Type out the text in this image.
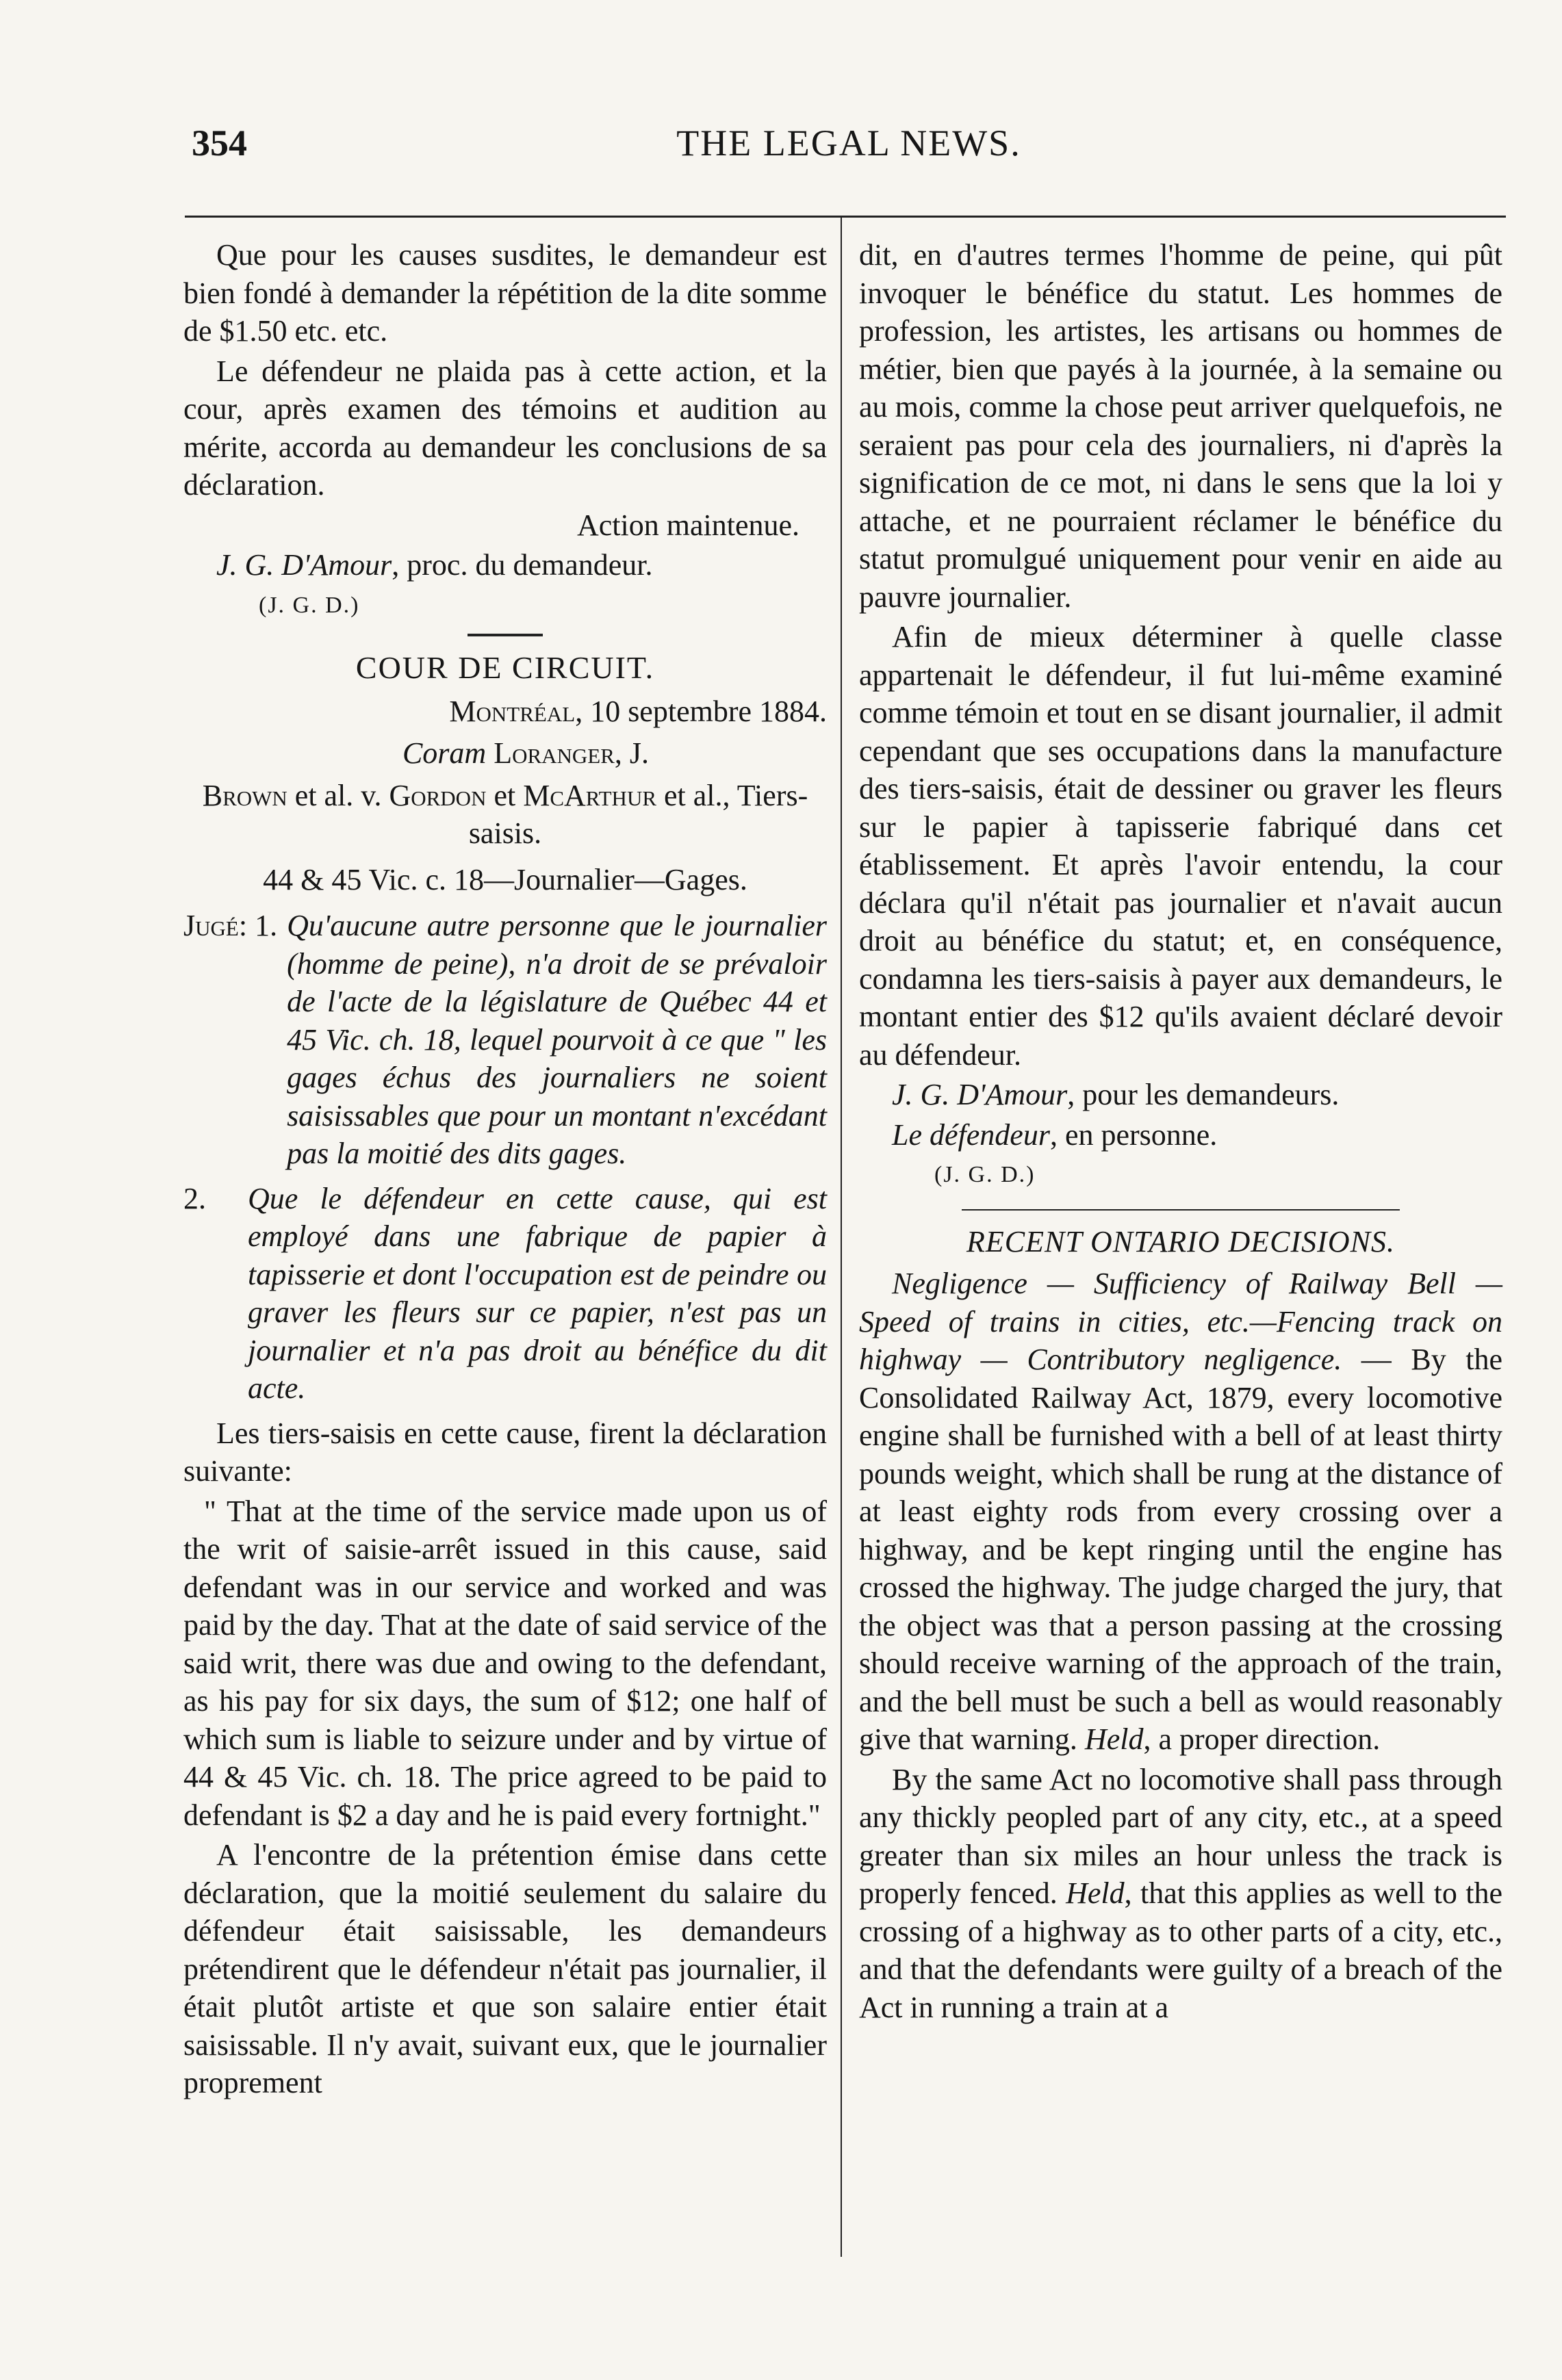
354	THE LEGAL NEWS.

Que pour les causes susdites, le demandeur est bien fondé à demander la répétition de la dite somme de $1.50 etc. etc.

Le défendeur ne plaida pas à cette action, et la cour, après examen des témoins et audition au mérite, accorda au demandeur les conclusions de sa déclaration.

Action maintenue.

J. G. D'Amour, proc. du demandeur.

(J. G. D.)

COUR DE CIRCUIT.

Montréal, 10 septembre 1884.

Coram Loranger, J.

Brown et al. v. Gordon et McArthur et al., Tiers-saisis.

44 & 45 Vic. c. 18—Journalier—Gages.

Jugé: 1. Qu'aucune autre personne que le journalier (homme de peine), n'a droit de se prévaloir de l'acte de la législature de Québec 44 et 45 Vic. ch. 18, lequel pourvoit à ce que " les gages échus des journaliers ne soient saisissables que pour un montant n'excédant pas la moitié des dits gages.
2.	Que le défendeur en cette cause, qui est employé dans une fabrique de papier à tapisserie et dont l'occupation est de peindre ou graver les fleurs sur ce papier, n'est pas un journalier et n'a pas droit au bénéfice du dit acte.

Les tiers-saisis en cette cause, firent la déclaration suivante:

" That at the time of the service made upon us of the writ of saisie-arrêt issued in this cause, said defendant was in our service and worked and was paid by the day. That at the date of said service of the said writ, there was due and owing to the defendant, as his pay for six days, the sum of $12; one half of which sum is liable to seizure under and by virtue of 44 & 45 Vic. ch. 18. The price agreed to be paid to defendant is $2 a day and he is paid every fortnight."

A l'encontre de la prétention émise dans cette déclaration, que la moitié seulement du salaire du défendeur était saisissable, les demandeurs prétendirent que le défendeur n'était pas journalier, il était plutôt artiste et que son salaire entier était saisissable. Il n'y avait, suivant eux, que le journalier proprement

dit, en d'autres termes l'homme de peine, qui pût invoquer le bénéfice du statut. Les hommes de profession, les artistes, les artisans ou hommes de métier, bien que payés à la journée, à la semaine ou au mois, comme la chose peut arriver quelquefois, ne seraient pas pour cela des journaliers, ni d'après la signification de ce mot, ni dans le sens que la loi y attache, et ne pourraient réclamer le bénéfice du statut promulgué uniquement pour venir en aide au pauvre journalier.

Afin de mieux déterminer à quelle classe appartenait le défendeur, il fut lui-même examiné comme témoin et tout en se disant journalier, il admit cependant que ses occupations dans la manufacture des tiers-saisis, était de dessiner ou graver les fleurs sur le papier à tapisserie fabriqué dans cet établissement. Et après l'avoir entendu, la cour déclara qu'il n'était pas journalier et n'avait aucun droit au bénéfice du statut; et, en conséquence, condamna les tiers-saisis à payer aux demandeurs, le montant entier des $12 qu'ils avaient déclaré devoir au défendeur.

J. G. D'Amour, pour les demandeurs.

Le défendeur, en personne.

(J. G. D.)

RECENT ONTARIO DECISIONS.

Negligence — Sufficiency of Railway Bell — Speed of trains in cities, etc.—Fencing track on highway — Contributory negligence. — By the Consolidated Railway Act, 1879, every locomotive engine shall be furnished with a bell of at least thirty pounds weight, which shall be rung at the distance of at least eighty rods from every crossing over a highway, and be kept ringing until the engine has crossed the highway. The judge charged the jury, that the object was that a person passing at the crossing should receive warning of the approach of the train, and the bell must be such a bell as would reasonably give that warning. Held, a proper direction.

By the same Act no locomotive shall pass through any thickly peopled part of any city, etc., at a speed greater than six miles an hour unless the track is properly fenced. Held, that this applies as well to the crossing of a highway as to other parts of a city, etc., and that the defendants were guilty of a breach of the Act in running a train at a
